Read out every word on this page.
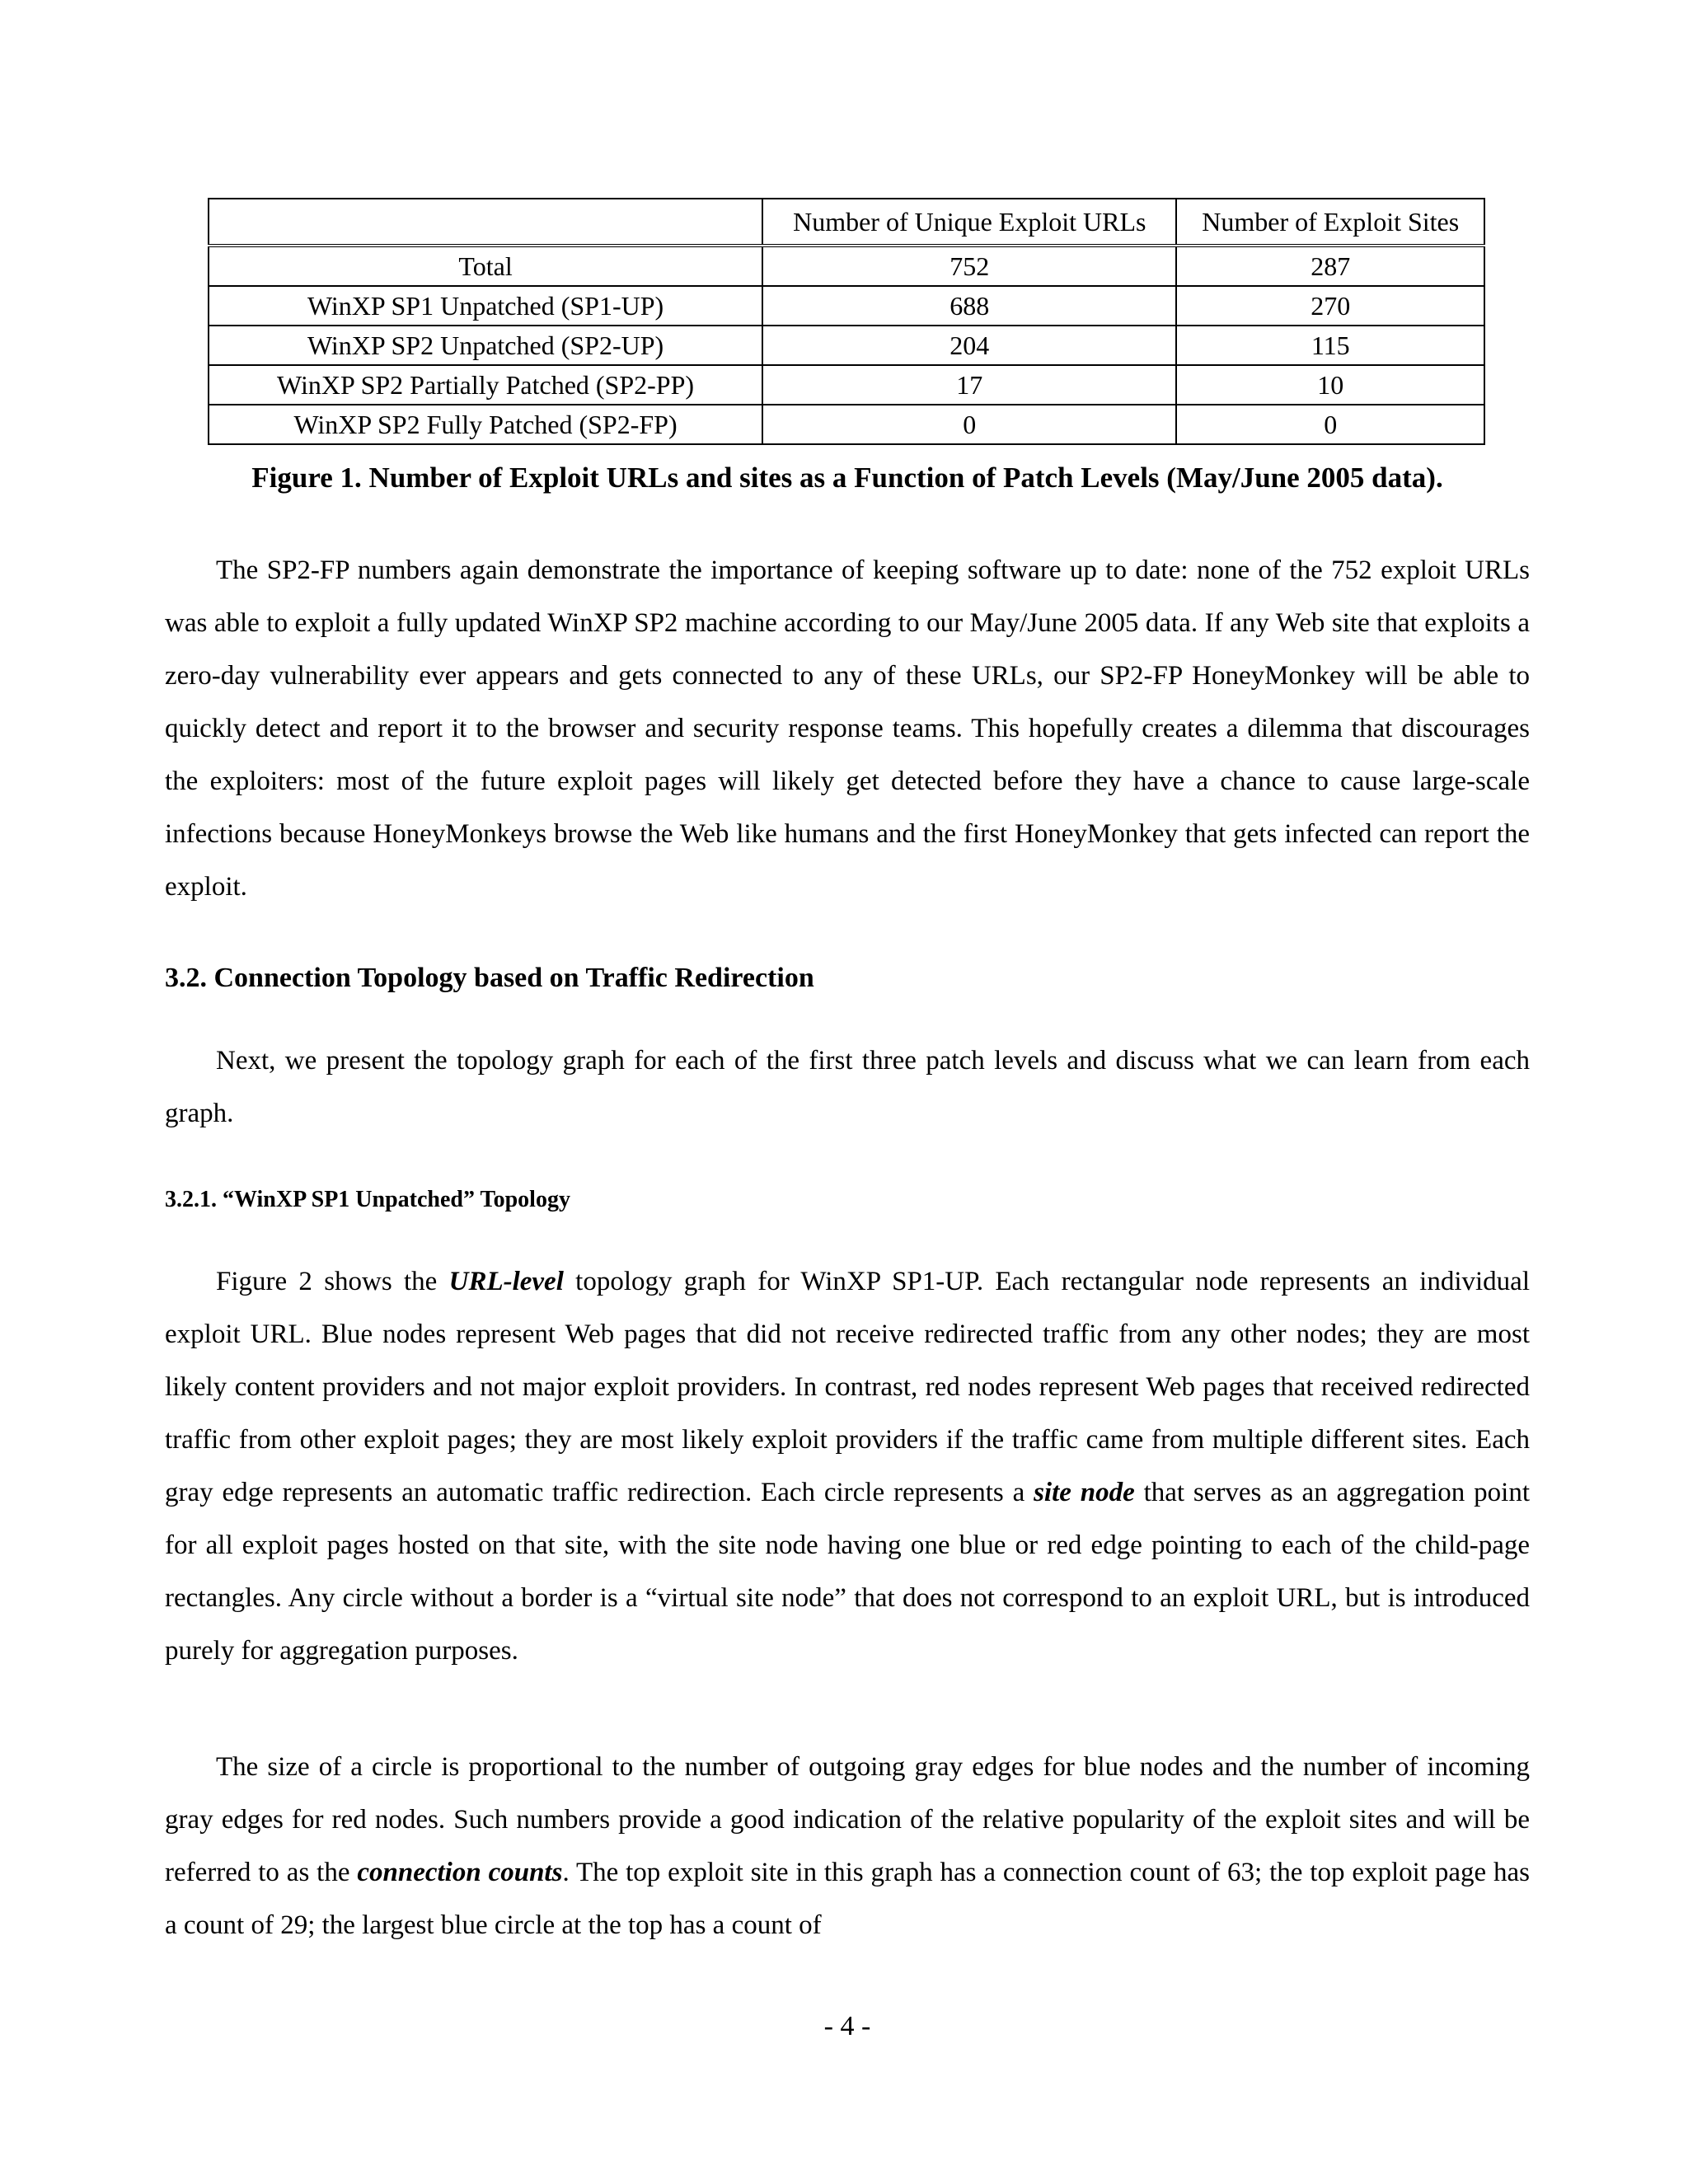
	Number of Unique Exploit URLs	Number of Exploit Sites
Total	752	287
WinXP SP1 Unpatched (SP1-UP)	688	270
WinXP SP2 Unpatched (SP2-UP)	204	115
WinXP SP2 Partially Patched (SP2-PP)	17	10
WinXP SP2 Fully Patched (SP2-FP)	0	0
Figure 1. Number of Exploit URLs and sites as a Function of Patch Levels (May/June 2005 data).

The SP2-FP numbers again demonstrate the importance of keeping software up to date: none of the 752 exploit URLs was able to exploit a fully updated WinXP SP2 machine according to our May/June 2005 data. If any Web site that exploits a zero-day vulnerability ever appears and gets connected to any of these URLs, our SP2-FP HoneyMonkey will be able to quickly detect and report it to the browser and security response teams. This hopefully creates a dilemma that discourages the exploiters: most of the future exploit pages will likely get detected before they have a chance to cause large-scale infections because HoneyMonkeys browse the Web like humans and the first HoneyMonkey that gets infected can report the exploit.

3.2. Connection Topology based on Traffic Redirection

Next, we present the topology graph for each of the first three patch levels and discuss what we can learn from each graph.

3.2.1. “WinXP SP1 Unpatched” Topology

Figure 2 shows the URL-level topology graph for WinXP SP1-UP. Each rectangular node represents an individual exploit URL. Blue nodes represent Web pages that did not receive redirected traffic from any other nodes; they are most likely content providers and not major exploit providers. In contrast, red nodes represent Web pages that received redirected traffic from other exploit pages; they are most likely exploit providers if the traffic came from multiple different sites. Each gray edge represents an automatic traffic redirection. Each circle represents a site node that serves as an aggregation point for all exploit pages hosted on that site, with the site node having one blue or red edge pointing to each of the child-page rectangles. Any circle without a border is a “virtual site node” that does not correspond to an exploit URL, but is introduced purely for aggregation purposes.

The size of a circle is proportional to the number of outgoing gray edges for blue nodes and the number of incoming gray edges for red nodes. Such numbers provide a good indication of the relative popularity of the exploit sites and will be referred to as the connection counts. The top exploit site in this graph has a connection count of 63; the top exploit page has a count of 29; the largest blue circle at the top has a count of

- 4 -
